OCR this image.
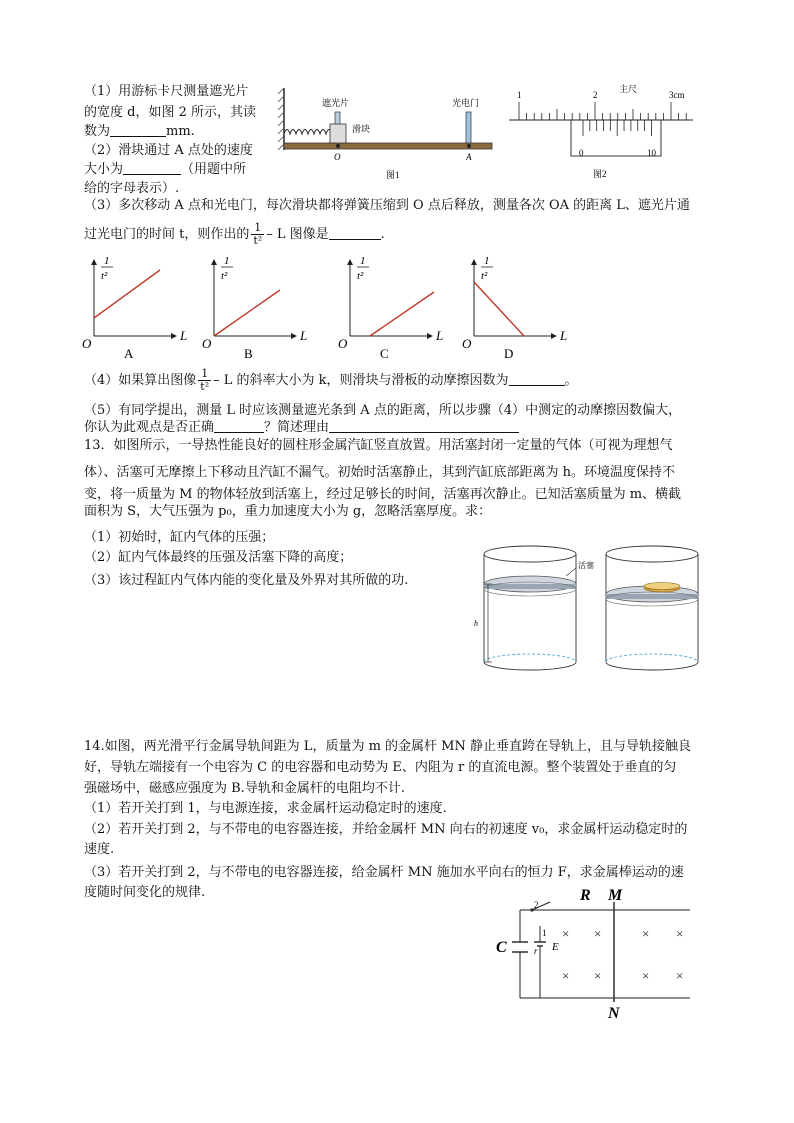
（1）用游标卡尺测量遮光片
的宽度 d，如图 2 所示，其读
数为	mm.
（2）滑块通过 A 点处的速度
大小为	（用题中所
给的字母表示）.
（3）多次移动 A 点和光电门，每次滑块都将弹簧压缩到 O 点后释放，测量各次 OA 的距离 L、遮光片通
过光电门的时间 t，则作出的 $\frac{1}{\text{t²}}$ – L 图像是	.
遮光片	光电门
滑块
O	A
图1
1	2	3cm
主尺
0	10
图2
1
t²
L
O
A
1
t²
L
O
B
1
t²
L
O
C
1
t²
L
O
D
（4）如果算出图像 $\frac{1}{\text{t²}}$ – L 的斜率大小为 k，则滑块与滑板的动摩擦因数为	。
（5）有同学提出，测量 L 时应该测量遮光条到 A 点的距离，所以步骤（4）中测定的动摩擦因数偏大，
你认为此观点是否正确	？简述理由
13．如图所示，一导热性能良好的圆柱形金属汽缸竖直放置。用活塞封闭一定量的气体（可视为理想气
体）、活塞可无摩擦上下移动且汽缸不漏气。初始时活塞静止，其到汽缸底部距离为 h。环境温度保持不
变，将一质量为 M 的物体轻放到活塞上，经过足够长的时间，活塞再次静止。已知活塞质量为 m、横截
面积为 S，大气压强为 p₀，重力加速度大小为 g，忽略活塞厚度。求：
（1）初始时，缸内气体的压强；
（2）缸内气体最终的压强及活塞下降的高度；
（3）该过程缸内气体内能的变化量及外界对其所做的功.
h
活塞
14.如图，两光滑平行金属导轨间距为 L，质量为 m 的金属杆 MN 静止垂直跨在导轨上，且与导轨接触良
好，导轨左端接有一个电容为 C 的电容器和电动势为 E、内阻为 r 的直流电源。整个装置处于垂直的匀
强磁场中，磁感应强度为 B.导轨和金属杆的电阻均不计.
（1）若开关打到 1，与电源连接，求金属杆运动稳定时的速度.
（2）若开关打到 2，与不带电的电容器连接，并给金属杆 MN 向右的初速度 v₀，求金属杆运动稳定时的
速度.
（3）若开关打到 2，与不带电的电容器连接，给金属杆 MN 施加水平向右的恒力 F，求金属棒运动的速
度随时间变化的规律.
2
1
r E
C
R M
N
× ×	× ×
× ×	× ×
